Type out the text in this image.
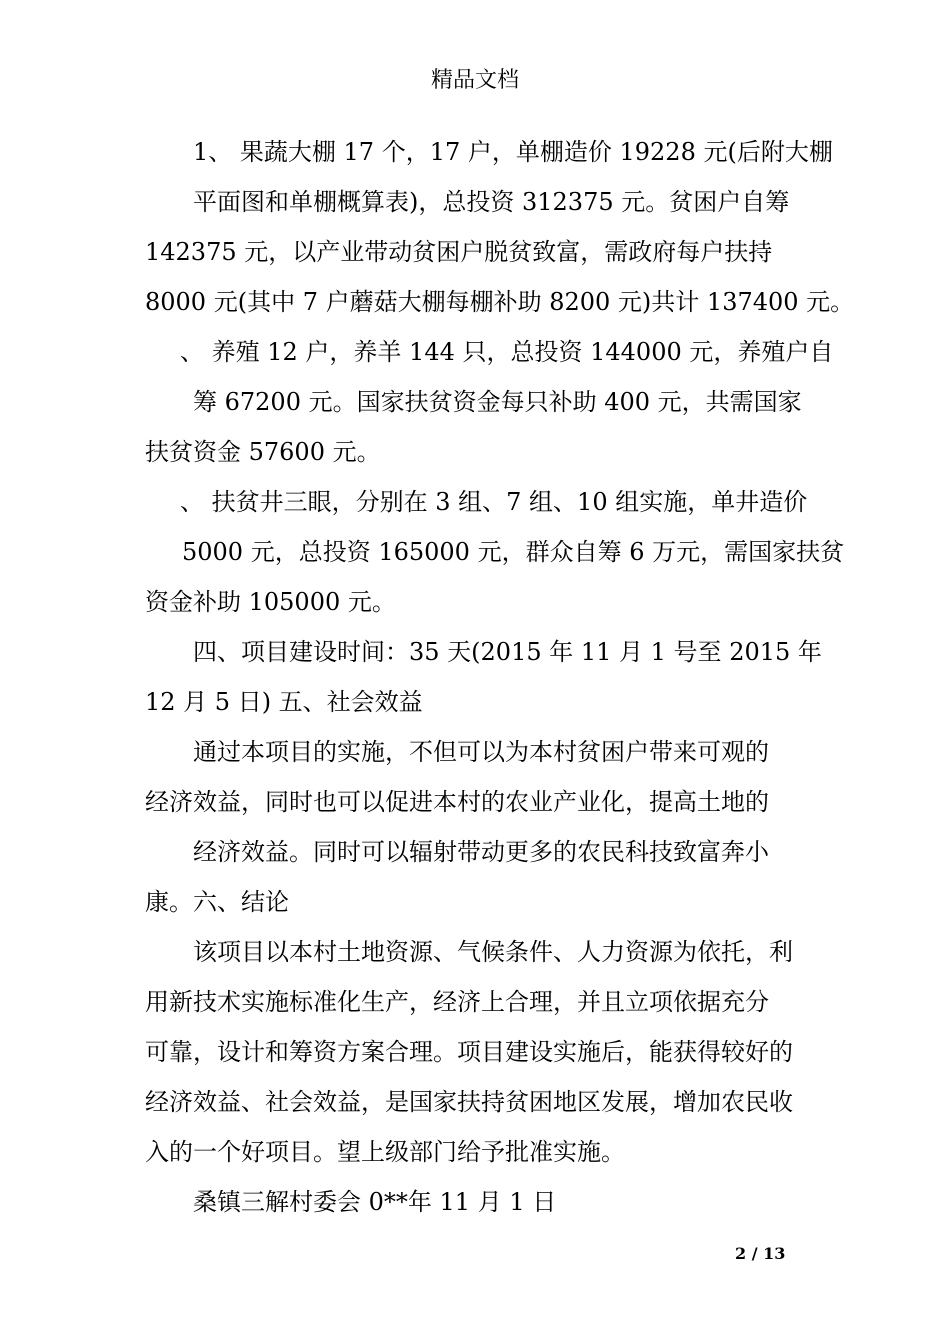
精品文档
1、 果蔬大棚 17 个，17 户，单棚造价 19228 元(后附大棚
平面图和单棚概算表)，总投资 312375 元。贫困户自筹
142375 元，以产业带动贫困户脱贫致富，需政府每户扶持
8000 元(其中 7 户蘑菇大棚每棚补助 8200 元)共计 137400 元。
、 养殖 12 户，养羊 144 只，总投资 144000 元，养殖户自
筹 67200 元。国家扶贫资金每只补助 400 元，共需国家
扶贫资金 57600 元。
、 扶贫井三眼，分别在 3 组、7 组、10 组实施，单井造价
5000 元，总投资 165000 元，群众自筹 6 万元，需国家扶贫
资金补助 105000 元。
四、项目建设时间：35 天(2015 年 11 月 1 号至 2015 年
12 月 5 日) 五、社会效益
通过本项目的实施，不但可以为本村贫困户带来可观的
经济效益，同时也可以促进本村的农业产业化，提高土地的
经济效益。同时可以辐射带动更多的农民科技致富奔小
康。六、结论
该项目以本村土地资源、气候条件、人力资源为依托，利
用新技术实施标准化生产，经济上合理，并且立项依据充分
可靠，设计和筹资方案合理。项目建设实施后，能获得较好的
经济效益、社会效益，是国家扶持贫困地区发展，增加农民收
入的一个好项目。望上级部门给予批准实施。
桑镇三解村委会 0**年 11 月 1 日
2 / 13
